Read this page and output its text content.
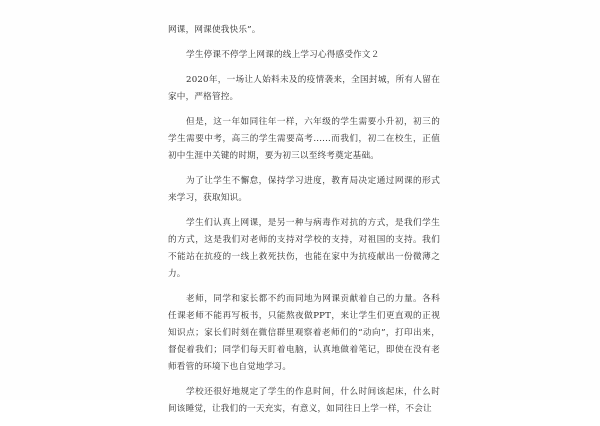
网课，网课使我快乐”。

学生停课不停学上网课的线上学习心得感受作文２

2020年，一场让人始料未及的疫情袭来，全国封城，所有人留在家中，严格管控。

但是，这一年如同往年一样，六年级的学生需要小升初，初三的学生需要中考，高三的学生需要高考......而我们，初二在校生，正值初中生涯中关键的时期，要为初三以至终考奠定基础。

为了让学生不懈怠，保持学习进度，教育局决定通过网课的形式来学习，获取知识。

学生们认真上网课，是另一种与病毒作对抗的方式，是我们学生的方式，这是我们对老师的支持对学校的支持，对祖国的支持。我们不能站在抗疫的一线上救死扶伤，也能在家中为抗疫献出一份微薄之力。

老师，同学和家长都不约而同地为网课贡献着自己的力量。各科任课老师不能再写板书，只能熬夜做PPT，来让学生们更直观的正视知识点；家长们时刻在微信群里观察着老师们的“动向”，打印出来，督促着我们；同学们每天盯着电脑，认真地做着笔记，即使在没有老师看管的环境下也自觉地学习。

学校还很好地规定了学生的作息时间，什么时间该起床，什么时间该睡觉，让我们的一天充实，有意义，如同往日上学一样，不会让
